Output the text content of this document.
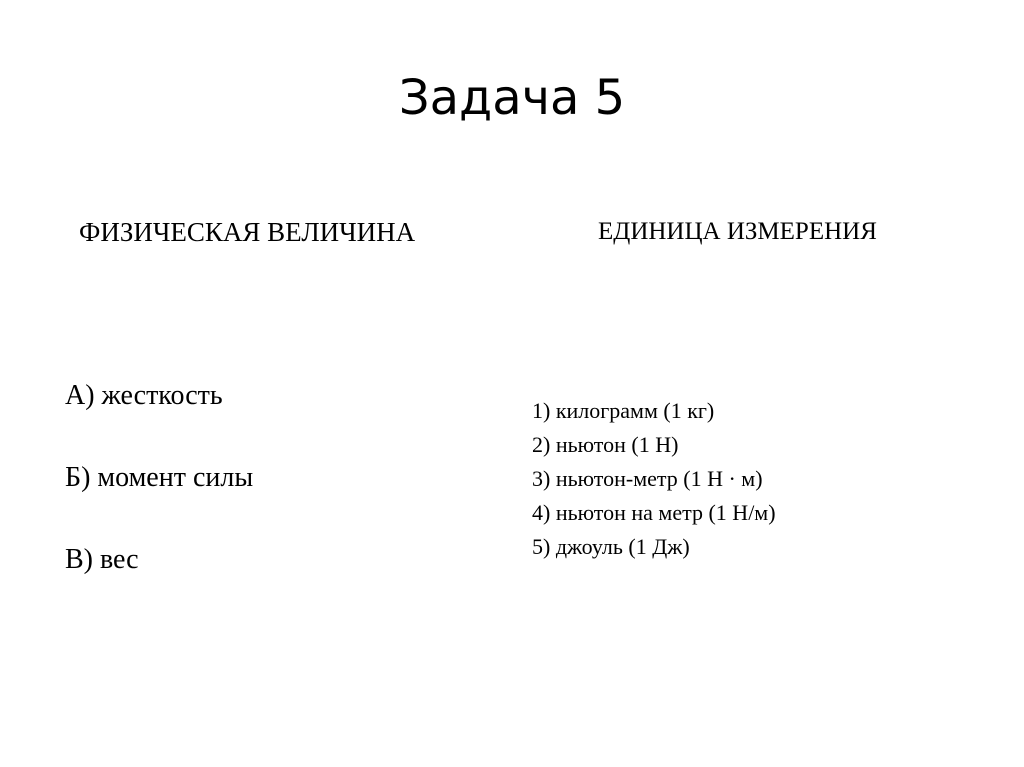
Задача 5
ФИЗИЧЕСКАЯ ВЕЛИЧИНА	ЕДИНИЦА ИЗМЕРЕНИЯ
А) жесткость
Б) момент силы
В) вес
1) килограмм (1 кг)
2) ньютон (1 Н)
3) ньютон-метр (1 Н · м)
4) ньютон на метр (1 Н/м)
5) джоуль (1 Дж)
